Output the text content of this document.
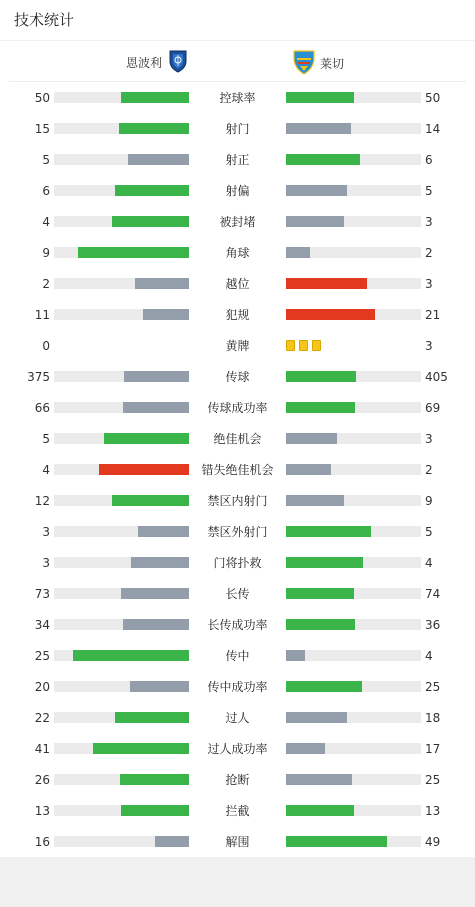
技术统计
恩波利	莱切
50	控球率	50
15	射门	14
5	射正	6
6	射偏	5
4	被封堵	3
9	角球	2
2	越位	3
11	犯规	21
0	黄牌	3
375	传球	405
66	传球成功率	69
5	绝佳机会	3
4	错失绝佳机会	2
12	禁区内射门	9
3	禁区外射门	5
3	门将扑救	4
73	长传	74
34	长传成功率	36
25	传中	4
20	传中成功率	25
22	过人	18
41	过人成功率	17
26	抢断	25
13	拦截	13
16	解围	49
